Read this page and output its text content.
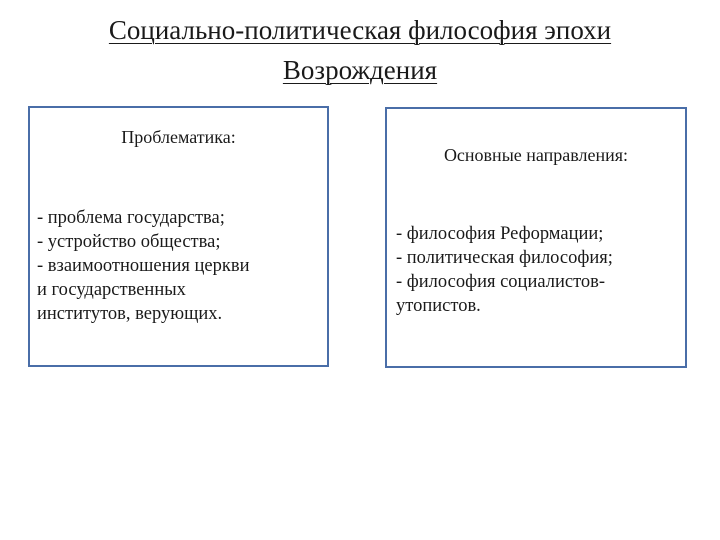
Социально-политическая философия эпохи
Возрождения
Проблематика:
- проблема государства;
- устройство общества;
- взаимоотношения церкви
и государственных
институтов, верующих.
Основные направления:
- философия Реформации;
- политическая философия;
- философия социалистов-
утопистов.
